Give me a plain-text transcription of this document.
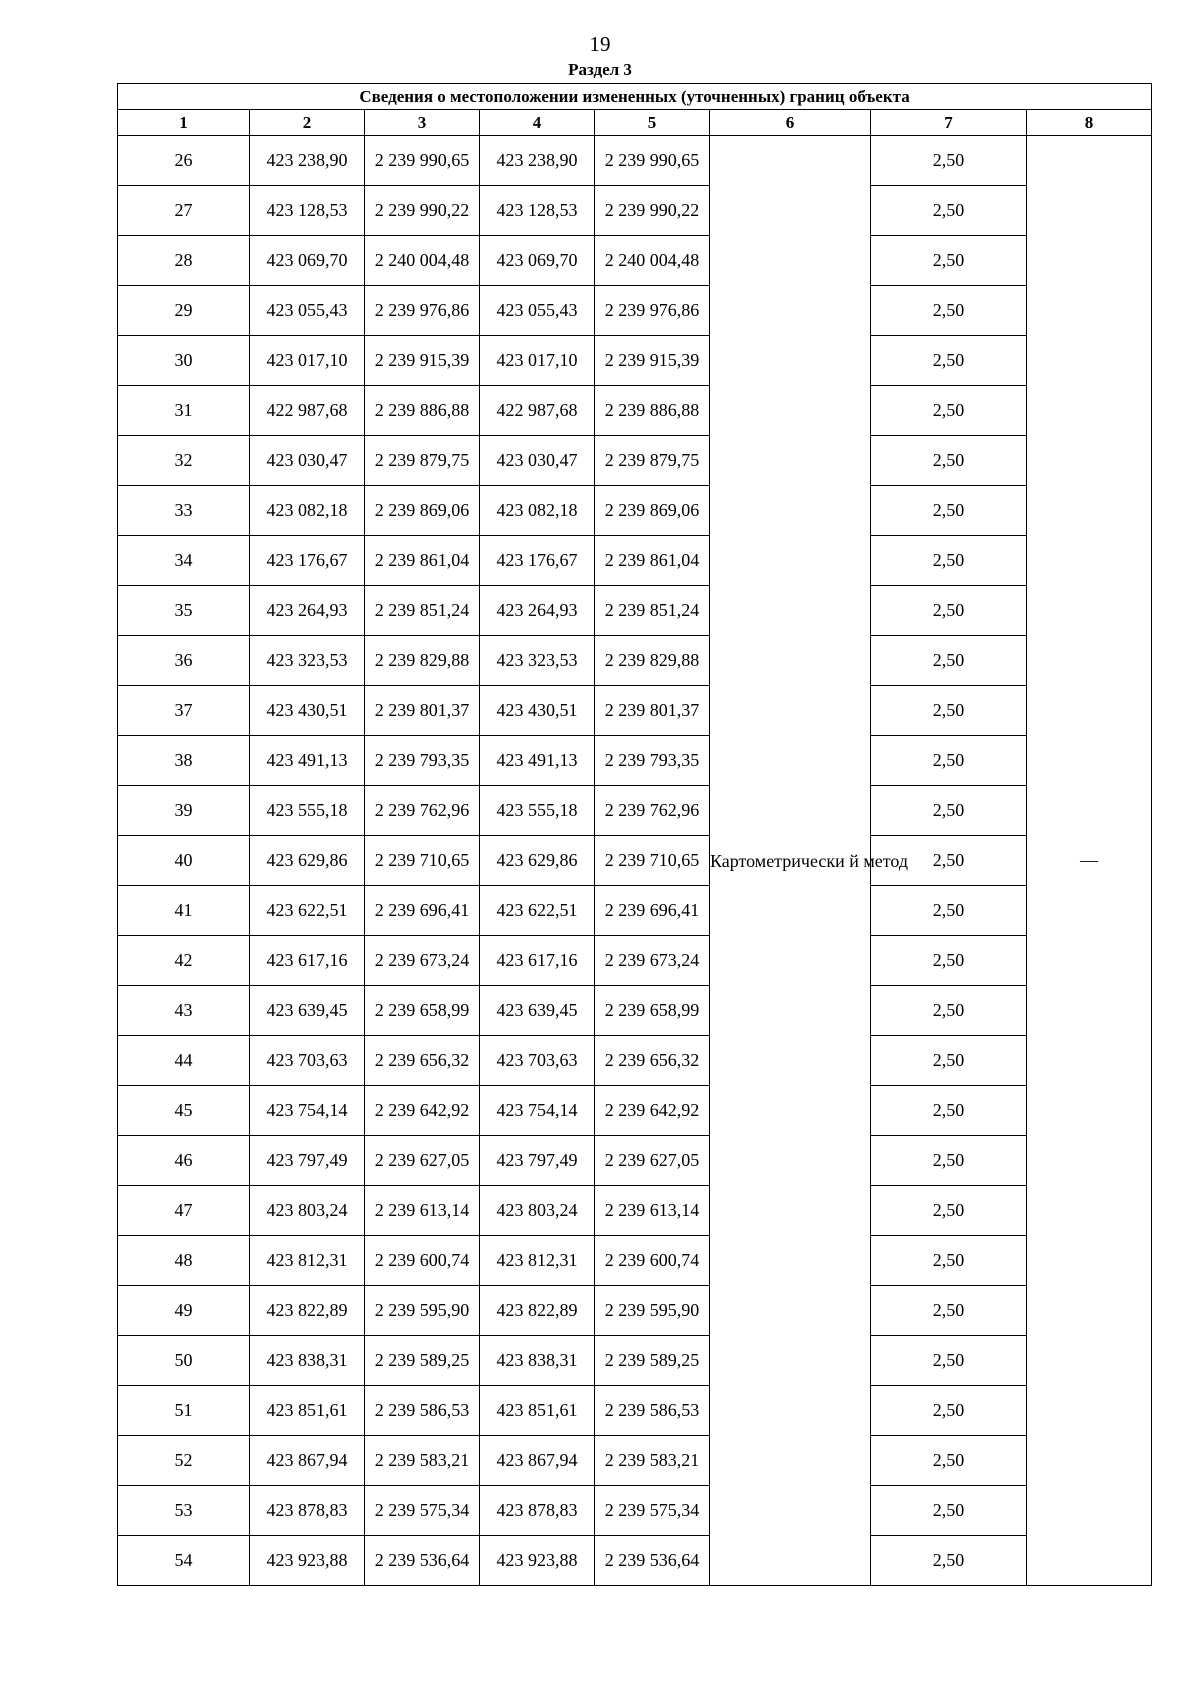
19
Раздел 3
Сведения о местоположении измененных (уточненных) границ объекта							
1	2	3	4	5	6	7	8
26	423 238,90	2 239 990,65	423 238,90	2 239 990,65	Картометрически й метод	2,50	—
27	423 128,53	2 239 990,22	423 128,53	2 239 990,22		2,50	
28	423 069,70	2 240 004,48	423 069,70	2 240 004,48		2,50	
29	423 055,43	2 239 976,86	423 055,43	2 239 976,86		2,50	
30	423 017,10	2 239 915,39	423 017,10	2 239 915,39		2,50	
31	422 987,68	2 239 886,88	422 987,68	2 239 886,88		2,50	
32	423 030,47	2 239 879,75	423 030,47	2 239 879,75		2,50	
33	423 082,18	2 239 869,06	423 082,18	2 239 869,06		2,50	
34	423 176,67	2 239 861,04	423 176,67	2 239 861,04		2,50	
35	423 264,93	2 239 851,24	423 264,93	2 239 851,24		2,50	
36	423 323,53	2 239 829,88	423 323,53	2 239 829,88		2,50	
37	423 430,51	2 239 801,37	423 430,51	2 239 801,37		2,50	
38	423 491,13	2 239 793,35	423 491,13	2 239 793,35		2,50	
39	423 555,18	2 239 762,96	423 555,18	2 239 762,96		2,50	
40	423 629,86	2 239 710,65	423 629,86	2 239 710,65		2,50	
41	423 622,51	2 239 696,41	423 622,51	2 239 696,41		2,50	
42	423 617,16	2 239 673,24	423 617,16	2 239 673,24		2,50	
43	423 639,45	2 239 658,99	423 639,45	2 239 658,99		2,50	
44	423 703,63	2 239 656,32	423 703,63	2 239 656,32		2,50	
45	423 754,14	2 239 642,92	423 754,14	2 239 642,92		2,50	
46	423 797,49	2 239 627,05	423 797,49	2 239 627,05		2,50	
47	423 803,24	2 239 613,14	423 803,24	2 239 613,14		2,50	
48	423 812,31	2 239 600,74	423 812,31	2 239 600,74		2,50	
49	423 822,89	2 239 595,90	423 822,89	2 239 595,90		2,50	
50	423 838,31	2 239 589,25	423 838,31	2 239 589,25		2,50	
51	423 851,61	2 239 586,53	423 851,61	2 239 586,53		2,50	
52	423 867,94	2 239 583,21	423 867,94	2 239 583,21		2,50	
53	423 878,83	2 239 575,34	423 878,83	2 239 575,34		2,50	
54	423 923,88	2 239 536,64	423 923,88	2 239 536,64		2,50	
